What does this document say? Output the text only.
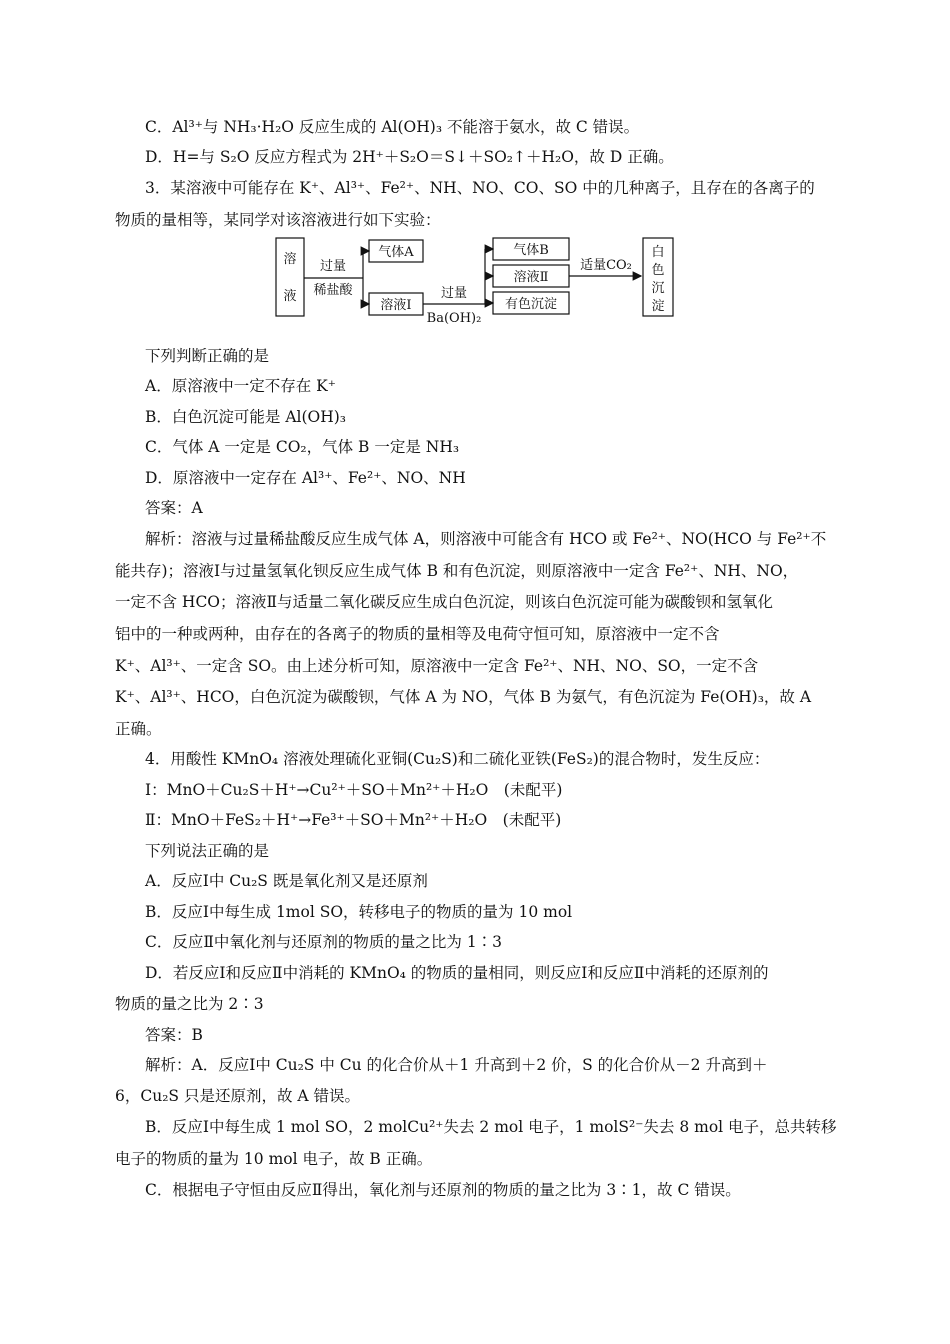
C．Al³⁺与 NH₃·H₂O 反应生成的 Al(OH)₃ 不能溶于氨水，故 C 错误。
D．H=与 S₂O 反应方程式为 2H⁺＋S₂O＝S↓＋SO₂↑＋H₂O，故 D 正确。
3．某溶液中可能存在 K⁺、Al³⁺、Fe²⁺、NH、NO、CO、SO 中的几种离子，且存在的各离子的
物质的量相等，某同学对该溶液进行如下实验：
溶
液
过量
稀盐酸
气体A
溶液Ⅰ
过量
Ba(OH)₂
气体B
溶液Ⅱ
有色沉淀
适量CO₂
白
色
沉
淀
下列判断正确的是
A．原溶液中一定不存在 K⁺
B．白色沉淀可能是 Al(OH)₃
C．气体 A 一定是 CO₂，气体 B 一定是 NH₃
D．原溶液中一定存在 Al³⁺、Fe²⁺、NO、NH
答案：A
解析：溶液与过量稀盐酸反应生成气体 A，则溶液中可能含有 HCO 或 Fe²⁺、NO(HCO 与 Fe²⁺不
能共存)；溶液Ⅰ与过量氢氧化钡反应生成气体 B 和有色沉淀，则原溶液中一定含 Fe²⁺、NH、NO，
一定不含 HCO；溶液Ⅱ与适量二氧化碳反应生成白色沉淀，则该白色沉淀可能为碳酸钡和氢氧化
铝中的一种或两种，由存在的各离子的物质的量相等及电荷守恒可知，原溶液中一定不含
K⁺、Al³⁺、一定含 SO。由上述分析可知，原溶液中一定含 Fe²⁺、NH、NO、SO，一定不含
K⁺、Al³⁺、HCO，白色沉淀为碳酸钡，气体 A 为 NO，气体 B 为氨气，有色沉淀为 Fe(OH)₃，故 A
正确。
4．用酸性 KMnO₄ 溶液处理硫化亚铜(Cu₂S)和二硫化亚铁(FeS₂)的混合物时，发生反应：
Ⅰ：MnO＋Cu₂S＋H⁺→Cu²⁺＋SO＋Mn²⁺＋H₂O　(未配平)
Ⅱ：MnO＋FeS₂＋H⁺→Fe³⁺＋SO＋Mn²⁺＋H₂O　(未配平)
下列说法正确的是
A．反应Ⅰ中 Cu₂S 既是氧化剂又是还原剂
B．反应Ⅰ中每生成 1mol SO，转移电子的物质的量为 10 mol
C．反应Ⅱ中氧化剂与还原剂的物质的量之比为 1∶3
D．若反应Ⅰ和反应Ⅱ中消耗的 KMnO₄ 的物质的量相同，则反应Ⅰ和反应Ⅱ中消耗的还原剂的
物质的量之比为 2∶3
答案：B
解析：A．反应Ⅰ中 Cu₂S 中 Cu 的化合价从＋1 升高到＋2 价，S 的化合价从－2 升高到＋
6，Cu₂S 只是还原剂，故 A 错误。
B．反应Ⅰ中每生成 1 mol SO，2 molCu²⁺失去 2 mol 电子，1 molS²⁻失去 8 mol 电子，总共转移
电子的物质的量为 10 mol 电子，故 B 正确。
C．根据电子守恒由反应Ⅱ得出，氧化剂与还原剂的物质的量之比为 3∶1，故 C 错误。
